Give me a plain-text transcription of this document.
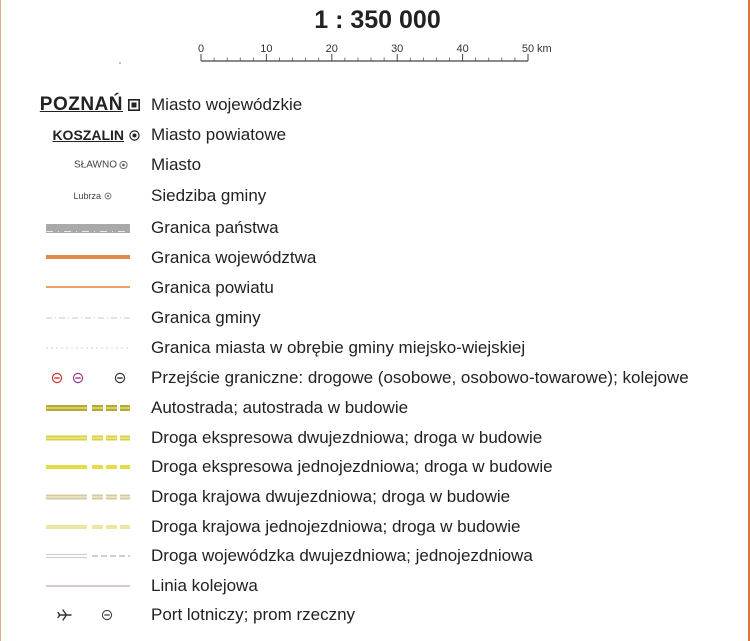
1 : 350 000
0	10	20	30	40	50 km
POZNAŃ Miasto wojewódzkie
KOSZALIN Miasto powiatowe
SŁAWNO Miasto
Lubrza	Siedziba gminy
Granica państwa
Granica województwa
Granica powiatu
Granica gminy
Granica miasta w obrębie gminy miejsko-wiejskiej
Przejście graniczne: drogowe (osobowe, osobowo-towarowe); kolejowe
Autostrada; autostrada w budowie
Droga ekspresowa dwujezdniowa; droga w budowie
Droga ekspresowa jednojezdniowa; droga w budowie
Droga krajowa dwujezdniowa; droga w budowie
Droga krajowa jednojezdniowa; droga w budowie
Droga wojewódzka dwujezdniowa; jednojezdniowa
Linia kolejowa
Port lotniczy; prom rzeczny
